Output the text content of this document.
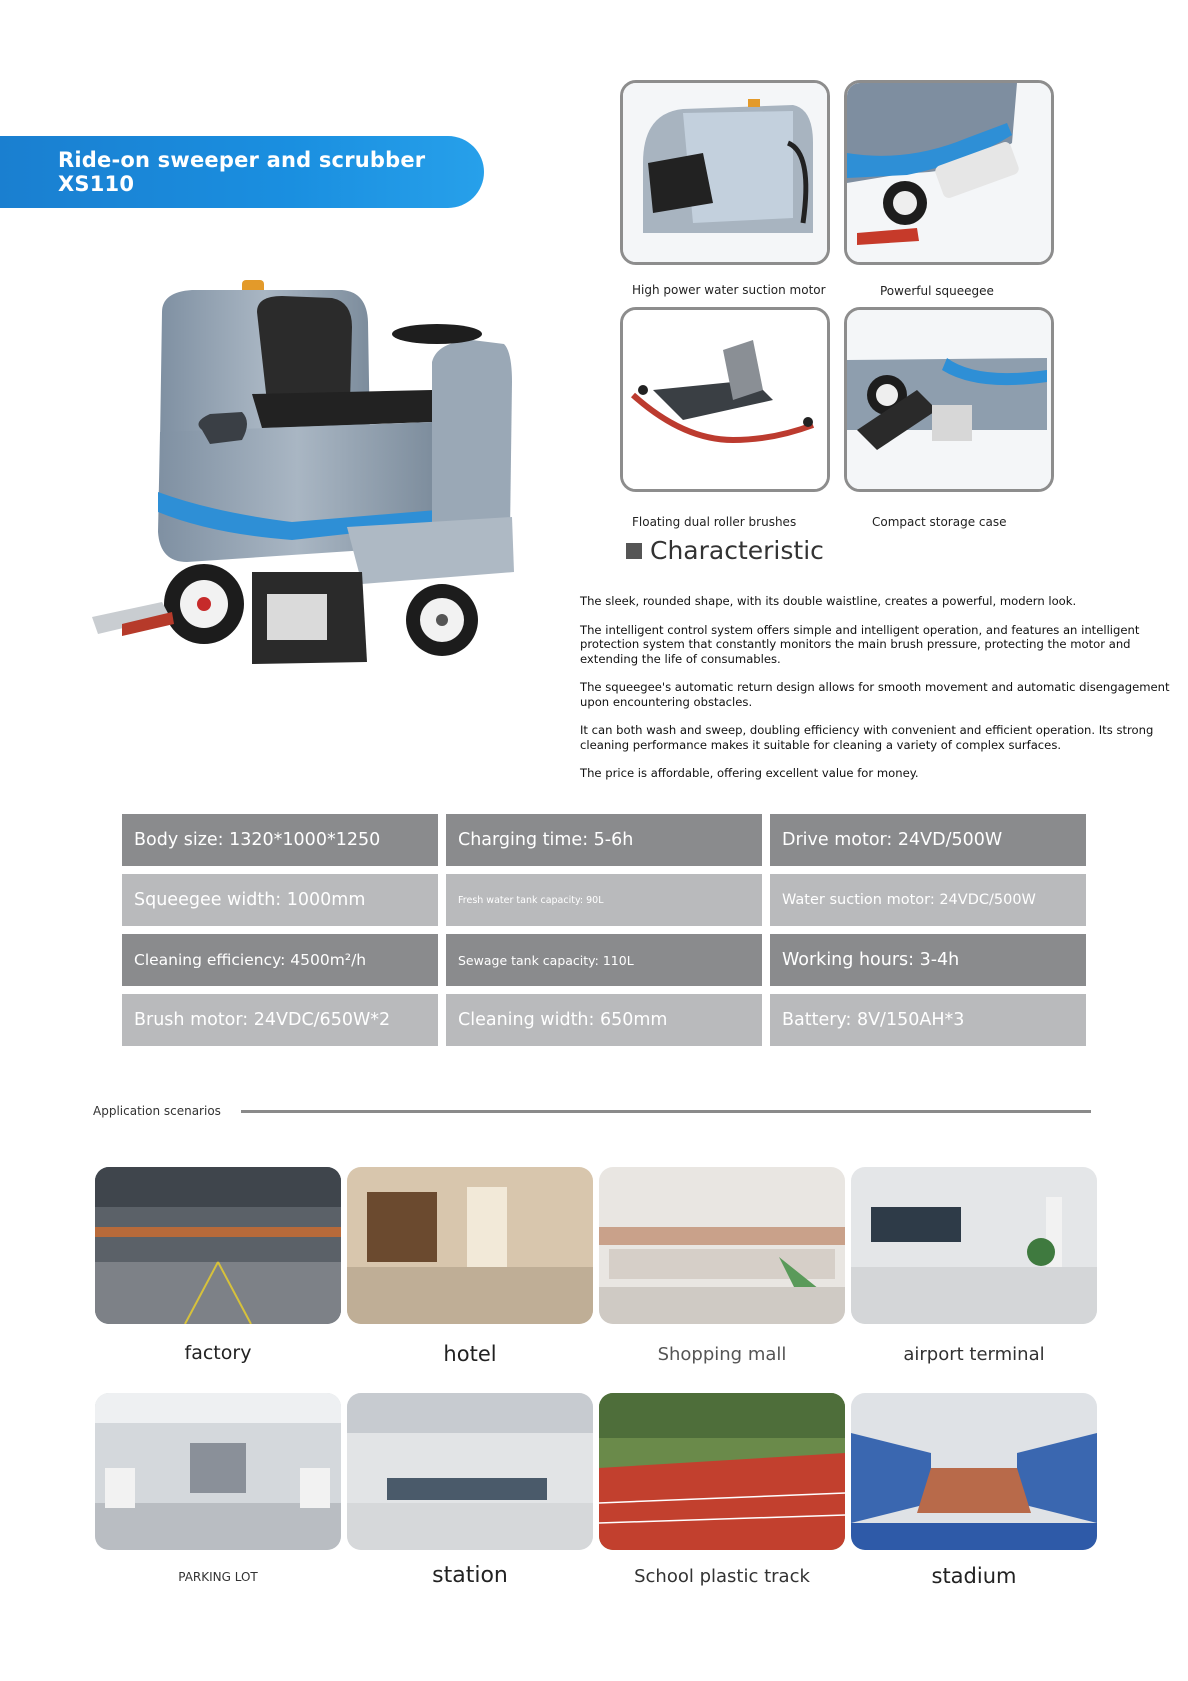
Ride-on sweeper and scrubber XS110
High power water suction motor	Powerful squeegee
Floating dual roller brushes	Compact storage case
Characteristic

The sleek, rounded shape, with its double waistline, creates a powerful, modern look.

The intelligent control system offers simple and intelligent operation, and features an intelligent protection system that constantly monitors the main brush pressure, protecting the motor and extending the life of consumables.

The squeegee's automatic return design allows for smooth movement and automatic disengagement upon encountering obstacles.

It can both wash and sweep, doubling efficiency with convenient and efficient operation. Its strong cleaning performance makes it suitable for cleaning a variety of complex surfaces.

The price is affordable, offering excellent value for money.

Body size: 1320*1000*1250	Charging time: 5-6h	Drive motor: 24VD/500W
Squeegee width: 1000mm	Fresh water tank capacity: 90L	Water suction motor: 24VDC/500W
Cleaning efficiency: 4500m²/h	Sewage tank capacity: 110L	Working hours: 3-4h
Brush motor: 24VDC/650W*2	Cleaning width: 650mm	Battery: 8V/150AH*3
Application scenarios
factory	hotel	Shopping mall	airport terminal
PARKING LOT	station	School plastic track	stadium
